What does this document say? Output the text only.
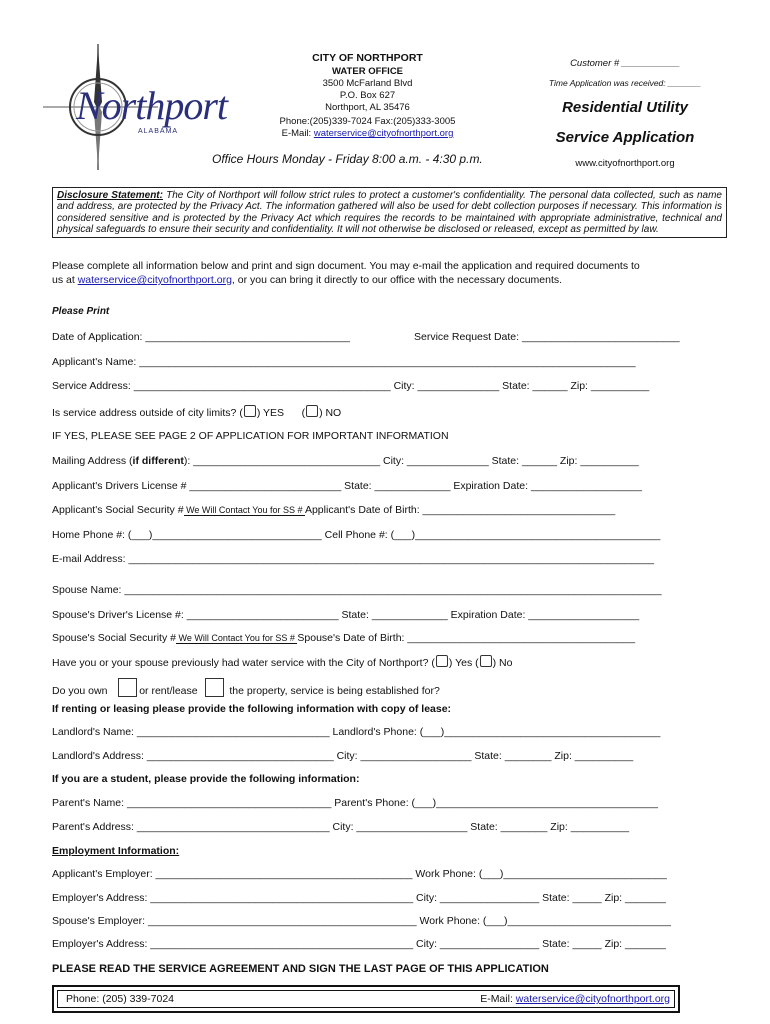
Northport
ALABAMA
CITY OF NORTHPORT
WATER OFFICE
3500 McFarland Blvd
P.O. Box 627
Northport, AL 35476
Phone:(205)339-7024 Fax:(205)333-3005
E-Mail: waterservice@cityofnorthport.org
Office Hours Monday - Friday 8:00 a.m. - 4:30 p.m.
Customer # ___________
Time Application was received: _______
Residential Utility
Service Application
www.cityofnorthport.org
Disclosure Statement: The City of Northport will follow strict rules to protect a customer's confidentiality. The personal data collected, such as name and address, are protected by the Privacy Act. The information gathered will also be used for debt collection purposes if necessary. This information is considered sensitive and is protected by the Privacy Act which requires the records to be maintained with appropriate administrative, technical and physical safeguards to ensure their security and confidentiality. It will not otherwise be disclosed or released, except as permitted by law.
Please complete all information below and print and sign document. You may e-mail the application and required documents to
us at waterservice@cityofnorthport.org, or you can bring it directly to our office with the necessary documents.
Please Print
Date of Application: ___________________________________	Service Request Date: ___________________________
Applicant's Name: _____________________________________________________________________________________
Service Address: ____________________________________________ City: ______________ State: ______ Zip: __________
Is service address outside of city limits? ( ) YES      ( ) NO
IF YES, PLEASE SEE PAGE 2 OF APPLICATION FOR IMPORTANT INFORMATION
Mailing Address (if different): ________________________________ City: ______________ State: ______ Zip: __________
Applicant's Drivers License # __________________________ State: _____________ Expiration Date: ___________________
Applicant's Social Security # We Will Contact You for SS # Applicant's Date of Birth: _________________________________
Home Phone #: (___)_____________________________ Cell Phone #: (___)__________________________________________
E-mail Address: __________________________________________________________________________________________
Spouse Name: ____________________________________________________________________________________________
Spouse's Driver's License #: __________________________ State: _____________ Expiration Date: ___________________
Spouse's Social Security # We Will Contact You for SS # Spouse's Date of Birth: _______________________________________
Have you or your spouse previously had water service with the City of Northport? ( ) Yes ( ) No
Do you own	or rent/lease	the property, service is being established for?
If renting or leasing please provide the following information with copy of lease:
Landlord's Name: _________________________________ Landlord's Phone: (___)_____________________________________
Landlord's Address: ________________________________ City: ___________________ State: ________ Zip: __________
If you are a student, please provide the following information:
Parent's Name: ___________________________________ Parent's Phone: (___)______________________________________
Parent's Address: _________________________________ City: ___________________ State: ________ Zip: __________
Employment Information:
Applicant's Employer: ____________________________________________ Work Phone: (___)____________________________
Employer's Address: _____________________________________________ City: _________________ State: _____ Zip: _______
Spouse's Employer: ______________________________________________ Work Phone: (___)____________________________
Employer's Address: _____________________________________________ City: _________________ State: _____ Zip: _______
PLEASE READ THE SERVICE AGREEMENT AND SIGN THE LAST PAGE OF THIS APPLICATION
Phone: (205) 339-7024	E-Mail: waterservice@cityofnorthport.org
